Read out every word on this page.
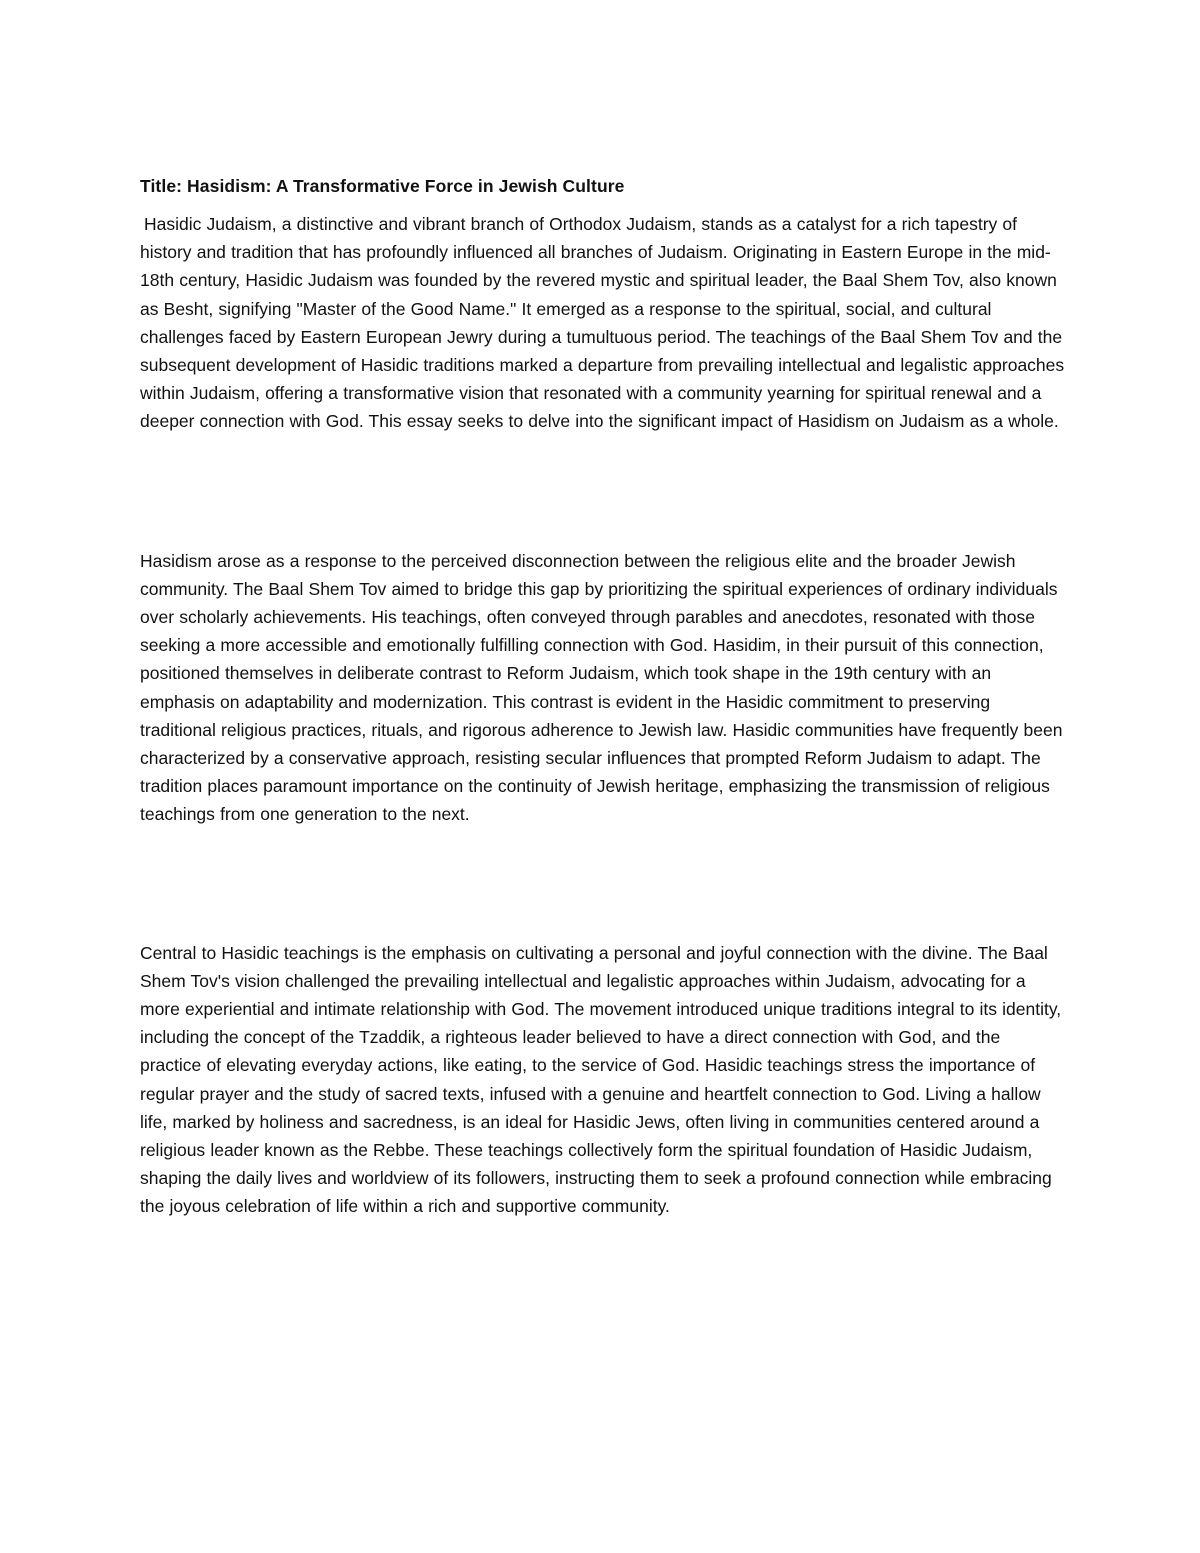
Title: Hasidism: A Transformative Force in Jewish Culture

Hasidic Judaism, a distinctive and vibrant branch of Orthodox Judaism, stands as a catalyst for a rich tapestry of history and tradition that has profoundly influenced all branches of Judaism. Originating in Eastern Europe in the mid-18th century, Hasidic Judaism was founded by the revered mystic and spiritual leader, the Baal Shem Tov, also known as Besht, signifying "Master of the Good Name." It emerged as a response to the spiritual, social, and cultural challenges faced by Eastern European Jewry during a tumultuous period. The teachings of the Baal Shem Tov and the subsequent development of Hasidic traditions marked a departure from prevailing intellectual and legalistic approaches within Judaism, offering a transformative vision that resonated with a community yearning for spiritual renewal and a deeper connection with God. This essay seeks to delve into the significant impact of Hasidism on Judaism as a whole.

Hasidism arose as a response to the perceived disconnection between the religious elite and the broader Jewish community. The Baal Shem Tov aimed to bridge this gap by prioritizing the spiritual experiences of ordinary individuals over scholarly achievements. His teachings, often conveyed through parables and anecdotes, resonated with those seeking a more accessible and emotionally fulfilling connection with God. Hasidim, in their pursuit of this connection, positioned themselves in deliberate contrast to Reform Judaism, which took shape in the 19th century with an emphasis on adaptability and modernization. This contrast is evident in the Hasidic commitment to preserving traditional religious practices, rituals, and rigorous adherence to Jewish law. Hasidic communities have frequently been characterized by a conservative approach, resisting secular influences that prompted Reform Judaism to adapt. The tradition places paramount importance on the continuity of Jewish heritage, emphasizing the transmission of religious teachings from one generation to the next.

Central to Hasidic teachings is the emphasis on cultivating a personal and joyful connection with the divine. The Baal Shem Tov's vision challenged the prevailing intellectual and legalistic approaches within Judaism, advocating for a more experiential and intimate relationship with God. The movement introduced unique traditions integral to its identity, including the concept of the Tzaddik, a righteous leader believed to have a direct connection with God, and the practice of elevating everyday actions, like eating, to the service of God. Hasidic teachings stress the importance of regular prayer and the study of sacred texts, infused with a genuine and heartfelt connection to God. Living a hallow life, marked by holiness and sacredness, is an ideal for Hasidic Jews, often living in communities centered around a religious leader known as the Rebbe. These teachings collectively form the spiritual foundation of Hasidic Judaism, shaping the daily lives and worldview of its followers, instructing them to seek a profound connection while embracing the joyous celebration of life within a rich and supportive community.
